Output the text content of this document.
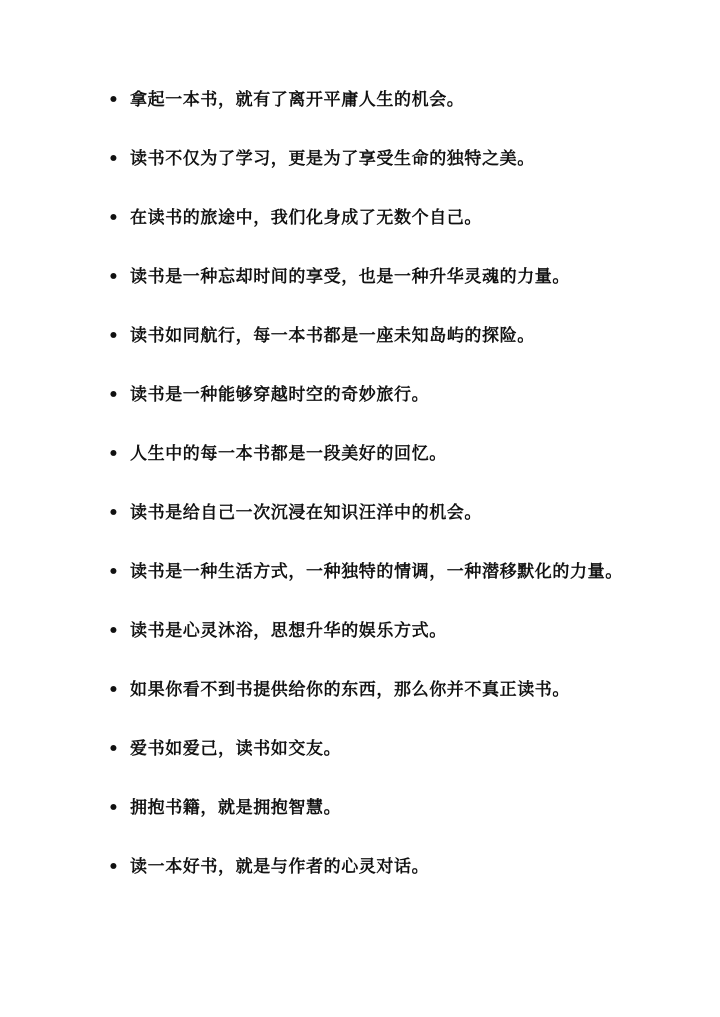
• 拿起一本书，就有了离开平庸人生的机会。
• 读书不仅为了学习，更是为了享受生命的独特之美。
• 在读书的旅途中，我们化身成了无数个自己。
• 读书是一种忘却时间的享受，也是一种升华灵魂的力量。
• 读书如同航行，每一本书都是一座未知岛屿的探险。
• 读书是一种能够穿越时空的奇妙旅行。
• 人生中的每一本书都是一段美好的回忆。
• 读书是给自己一次沉浸在知识汪洋中的机会。
• 读书是一种生活方式，一种独特的情调，一种潜移默化的力量。
• 读书是心灵沐浴，思想升华的娱乐方式。
• 如果你看不到书提供给你的东西，那么你并不真正读书。
• 爱书如爱己，读书如交友。
• 拥抱书籍，就是拥抱智慧。
• 读一本好书，就是与作者的心灵对话。
